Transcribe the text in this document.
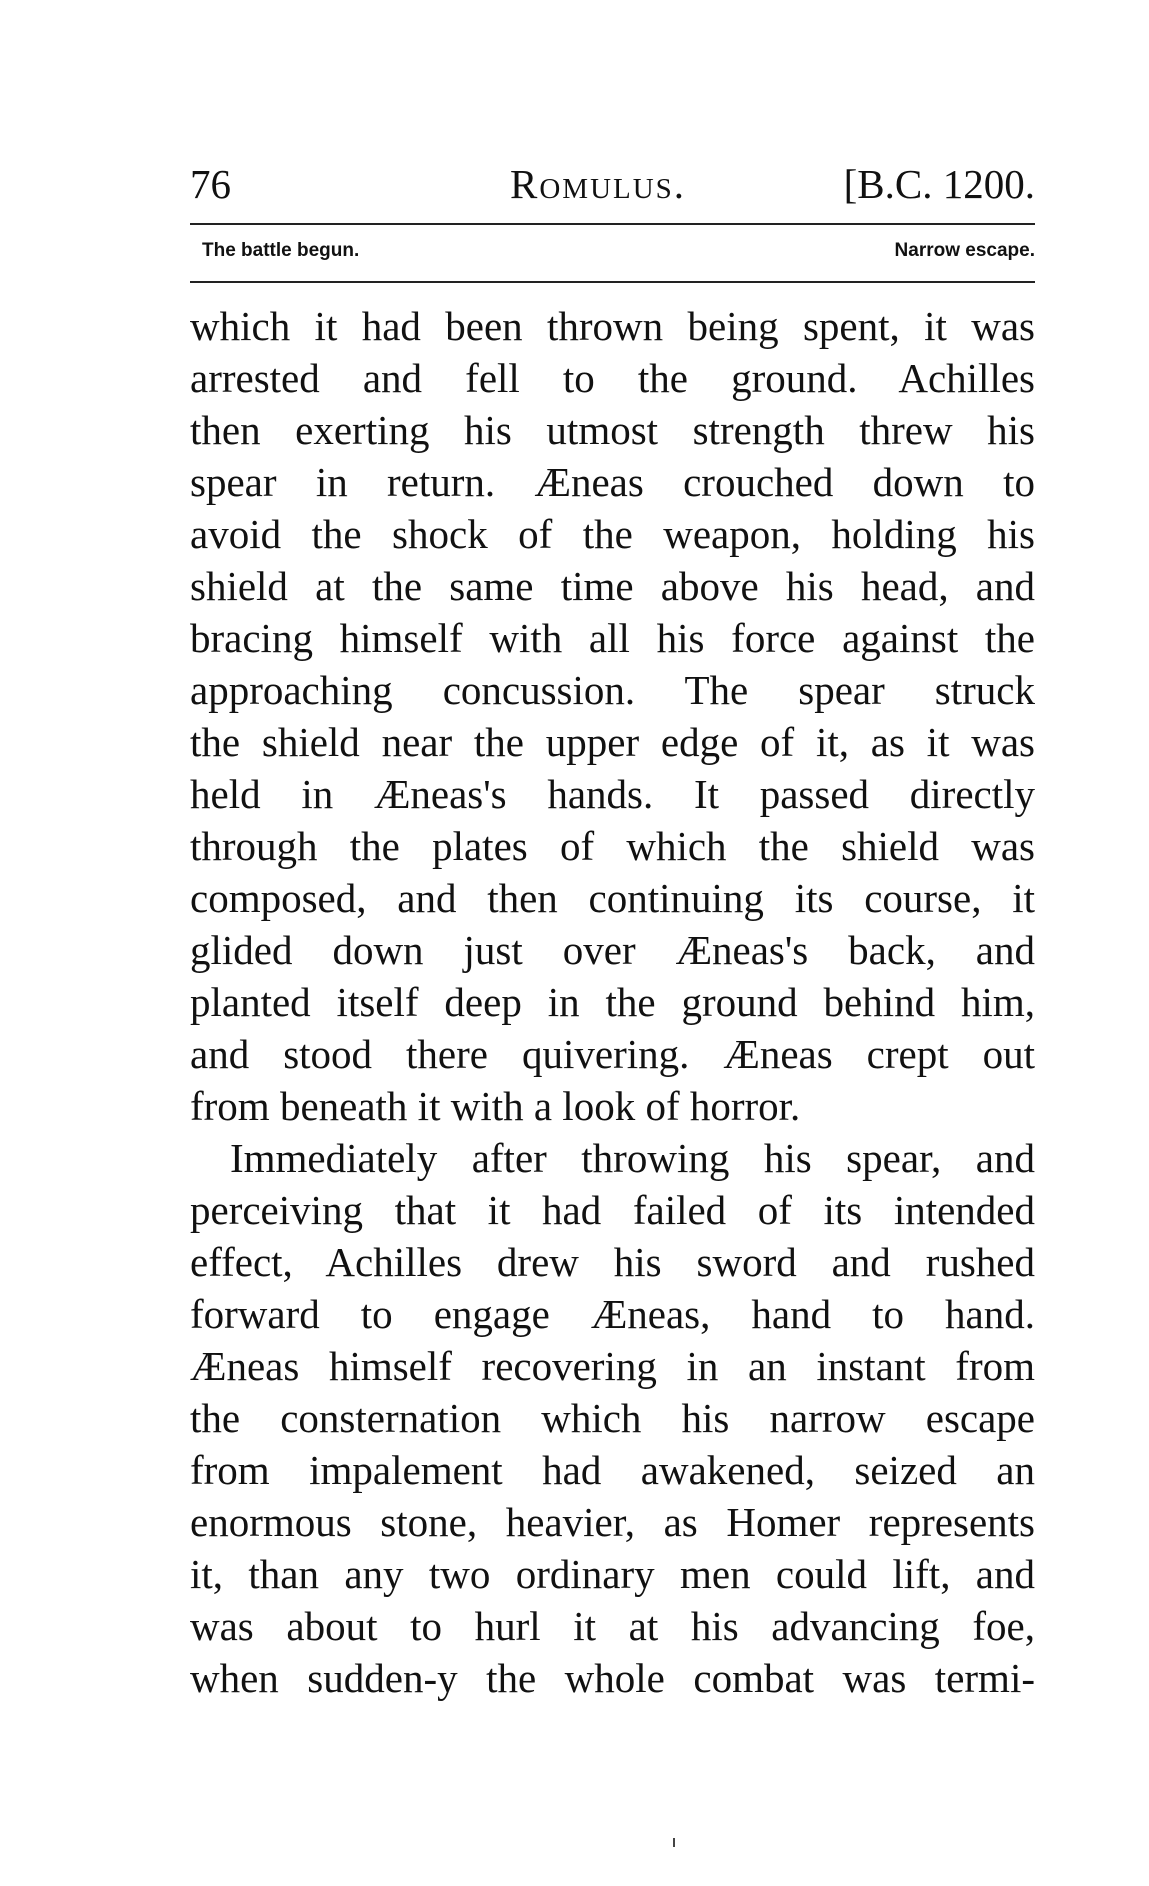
76	Romulus.	[B.C. 1200.
The battle begun.	Narrow escape.
which it had been thrown being spent, it was
arrested and fell to the ground. Achilles
then exerting his utmost strength threw his
spear in return. Æneas crouched down to
avoid the shock of the weapon, holding his
shield at the same time above his head, and
bracing himself with all his force against the
approaching concussion. The spear struck
the shield near the upper edge of it, as it was
held in Æneas's hands. It passed directly
through the plates of which the shield was
composed, and then continuing its course, it
glided down just over Æneas's back, and
planted itself deep in the ground behind him,
and stood there quivering. Æneas crept out
from beneath it with a look of horror.
Immediately after throwing his spear, and
perceiving that it had failed of its intended
effect, Achilles drew his sword and rushed
forward to engage Æneas, hand to hand.
Æneas himself recovering in an instant from
the consternation which his narrow escape
from impalement had awakened, seized an
enormous stone, heavier, as Homer represents
it, than any two ordinary men could lift, and
was about to hurl it at his advancing foe,
when sudden-y the whole combat was termi-
